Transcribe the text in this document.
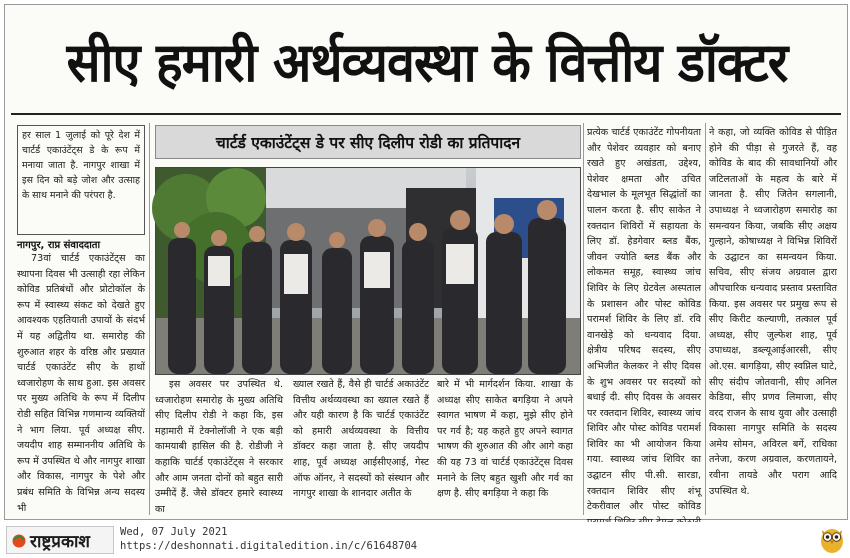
सीए हमारी अर्थव्यवस्था के वित्तीय डॉक्टर
हर साल 1 जुलाई को पूरे देश में चार्टर्ड एकाउंटेंट्स डे के रूप में मनाया जाता है. नागपुर शाखा में इस दिन को बड़े जोश और उत्साह के साथ मनाने की परंपरा है.
नागपुर, राप्र संवाददाता

73वां चार्टर्ड एकाउंटेंट्स का स्थापना दिवस भी उत्साही रहा लेकिन कोविड प्रतिबंधों और प्रोटोकॉल के रूप में स्वास्थ्य संकट को देखते हुए आवश्यक एहतियाती उपायों के संदर्भ में यह अद्वितीय था. समारोह की शुरुआत शहर के वरिष्ठ और प्रख्यात चार्टर्ड एकाउंटेंट सीए के हाथों ध्वजारोहण के साथ हुआ. इस अवसर पर मुख्य अतिथि के रूप में दिलीप रोडी सहित विभिन्न गणमान्य व्यक्तियों ने भाग लिया. पूर्व अध्यक्ष सीए. जयदीप शाह सम्माननीय अतिथि के रूप में उपस्थित थे और नागपुर शाखा और विकास, नागपुर के पेशे और प्रबंध समिति के विभिन्न अन्य सदस्य भी

चार्टर्ड एकाउंटेंट्स डे पर सीए दिलीप रोडी का प्रतिपादन

इस अवसर पर उपस्थित थे. ध्वजारोहण समारोह के मुख्य अतिथि सीए दिलीप रोडी ने कहा कि, इस महामारी में टेक्नोलॉजी ने एक बड़ी कामयाबी हासिल की है. रोडीजी ने कहाकि चार्टर्ड एकाउंटेंट्स ने सरकार और आम जनता दोनों को बहुत सारी उम्मीदें हैं. जैसे डॉक्टर हमारे स्वास्थ्य का

ख्याल रखते हैं, वैसे ही चार्टर्ड अकाउंटेंट वित्तीय अर्थव्यवस्था का ख्याल रखते हैं और यही कारण है कि चार्टर्ड एकाउंटेंट को हमारी अर्थव्यवस्था के वित्तीय डॉक्टर कहा जाता है. सीए जयदीप शाह, पूर्व अध्यक्ष आईसीएआई, गेस्ट ऑफ ऑनर, ने सदस्यों को संस्थान और नागपुर शाखा के शानदार अतीत के

बारे में भी मार्गदर्शन किया. शाखा के अध्यक्ष सीए साकेत बगड़िया ने अपने स्वागत भाषण में कहा, मुझे सीए होने पर गर्व है; यह कहते हुए अपने स्वागत भाषण की शुरुआत की और आगे कहा की यह 73 वां चार्टर्ड एकाउंटेंट्स दिवस मनाने के लिए बहुत खुशी और गर्व का क्षण है. सीए बगड़िया ने कहा कि

प्रत्येक चार्टर्ड एकाउंटेंट गोपनीयता और पेशेवर व्यवहार को बनाए रखते हुए अखंडता, उद्देश्य, पेशेवर क्षमता और उचित देखभाल के मूलभूत सिद्धांतों का पालन करता है. सीए साकेत ने रक्तदान शिविरों में सहायता के लिए डॉ. हेडगेवार ब्लड बैंक, जीवन ज्योति ब्लड बैंक और लोकमत समूह, स्वास्थ्य जांच शिविर के लिए ग्रेटवेल अस्पताल के प्रशासन और पोस्ट कोविड परामर्श शिविर के लिए डॉ. रवि वानखेड़े को धन्यवाद दिया. क्षेत्रीय परिषद सदस्य, सीए अभिजीत केलकर ने सीए दिवस के शुभ अवसर पर सदस्यों को बधाई दी. सीए दिवस के अवसर पर रक्तदान शिविर, स्वास्थ्य जांच शिविर और पोस्ट कोविड परामर्श शिविर का भी आयोजन किया गया. स्वास्थ्य जांच शिविर का उद्घाटन सीए पी.सी. सारडा, रक्तदान शिविर सीए शंभू टेकरीवाल और पोस्ट कोविड

ने कहा, जो व्यक्ति कोविड से पीड़ित होने की पीड़ा से गुजरते हैं, वह कोविड के बाद की सावधानियों और जटिलताओं के महत्व के बारे में जानता है. सीए जितेन सगलानी, उपाध्यक्ष ने ध्वजारोहण समारोह का समन्वयन किया, जबकि सीए अक्षय गुल्हाने, कोषाध्यक्ष ने विभिन्न शिविरों के उद्घाटन का समन्वयन किया. सचिव, सीए संजय अग्रवाल द्वारा औपचारिक धन्यवाद प्रस्ताव प्रस्तावित किया. इस अवसर पर प्रमुख रूप से सीए किरीट कल्याणी, तत्काल पूर्व अध्यक्ष, सीए जुल्फेश शाह, पूर्व उपाध्यक्ष, डब्ल्यूआईआरसी, सीए ओ.एस. बागड़िया, सीए स्वप्निल घाटे, सीए संदीप जोतवानी, सीए अनिल केडिया, सीए प्रणव लिमाजा, सीए वरद राजन के साथ युवा और उत्साही विकासा नागपुर समिति के सदस्य अमेय सोमन, अविरल बर्गे, राधिका तनेजा, करण अग्रवाल, करणतायने, रवीना तायडे और पराग आदि उपस्थित थे.

राष्ट्रप्रकाश	Wed, 07 July 2021
https://deshonnati.digitaledition.in/c/61648704
